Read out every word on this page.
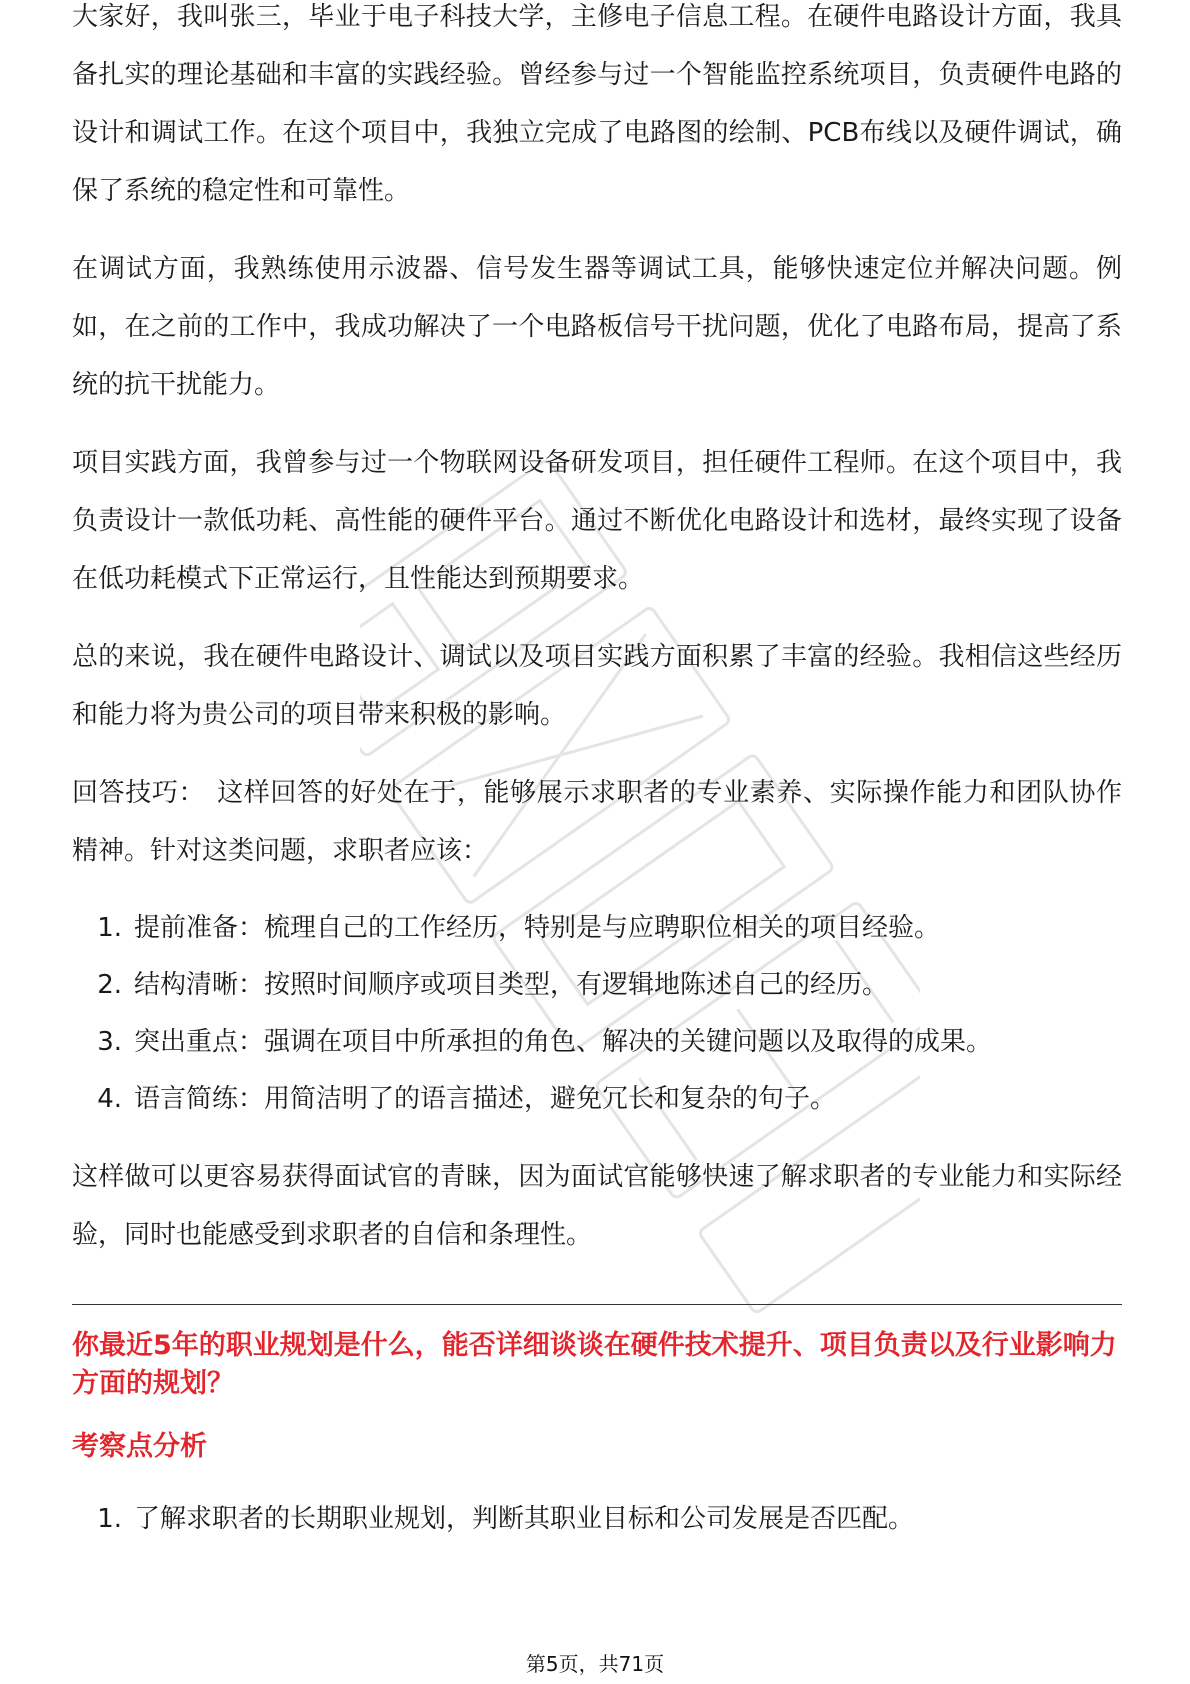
大家好，我叫张三，毕业于电子科技大学，主修电子信息工程。在硬件电路设计方面，我具备扎实的理论基础和丰富的实践经验。曾经参与过一个智能监控系统项目，负责硬件电路的设计和调试工作。在这个项目中，我独立完成了电路图的绘制、PCB布线以及硬件调试，确保了系统的稳定性和可靠性。

在调试方面，我熟练使用示波器、信号发生器等调试工具，能够快速定位并解决问题。例如，在之前的工作中，我成功解决了一个电路板信号干扰问题，优化了电路布局，提高了系统的抗干扰能力。

项目实践方面，我曾参与过一个物联网设备研发项目，担任硬件工程师。在这个项目中，我负责设计一款低功耗、高性能的硬件平台。通过不断优化电路设计和选材，最终实现了设备在低功耗模式下正常运行，且性能达到预期要求。

总的来说，我在硬件电路设计、调试以及项目实践方面积累了丰富的经验。我相信这些经历和能力将为贵公司的项目带来积极的影响。

回答技巧： 这样回答的好处在于，能够展示求职者的专业素养、实际操作能力和团队协作精神。针对这类问题，求职者应该：

1. 提前准备：梳理自己的工作经历，特别是与应聘职位相关的项目经验。
2. 结构清晰：按照时间顺序或项目类型，有逻辑地陈述自己的经历。
3. 突出重点：强调在项目中所承担的角色、解决的关键问题以及取得的成果。
4. 语言简练：用简洁明了的语言描述，避免冗长和复杂的句子。

这样做可以更容易获得面试官的青睐，因为面试官能够快速了解求职者的专业能力和实际经验，同时也能感受到求职者的自信和条理性。

你最近5年的职业规划是什么，能否详细谈谈在硬件技术提升、项目负责以及行业影响力方面的规划？
考察点分析
1. 了解求职者的长期职业规划，判断其职业目标和公司发展是否匹配。
第5页，共71页
